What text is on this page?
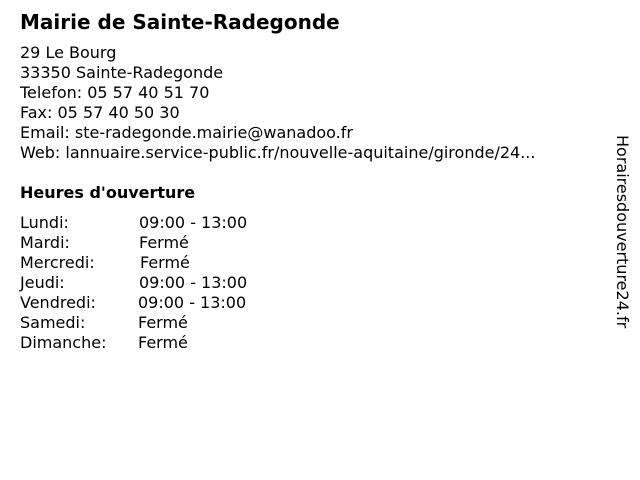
Mairie de Sainte-Radegonde
29 Le Bourg
33350 Sainte-Radegonde
Telefon: 05 57 40 51 70
Fax: 05 57 40 50 30
Email: ste-radegonde.mairie@wanadoo.fr
Web: lannuaire.service-public.fr/nouvelle-aquitaine/gironde/24...
Heures d'ouverture
Lundi:	09:00 - 13:00
Mardi:	Fermé
Mercredi:	Fermé
Jeudi:	09:00 - 13:00
Vendredi:	09:00 - 13:00
Samedi:	Fermé
Dimanche: Fermé
Horairesdouverture24.fr
